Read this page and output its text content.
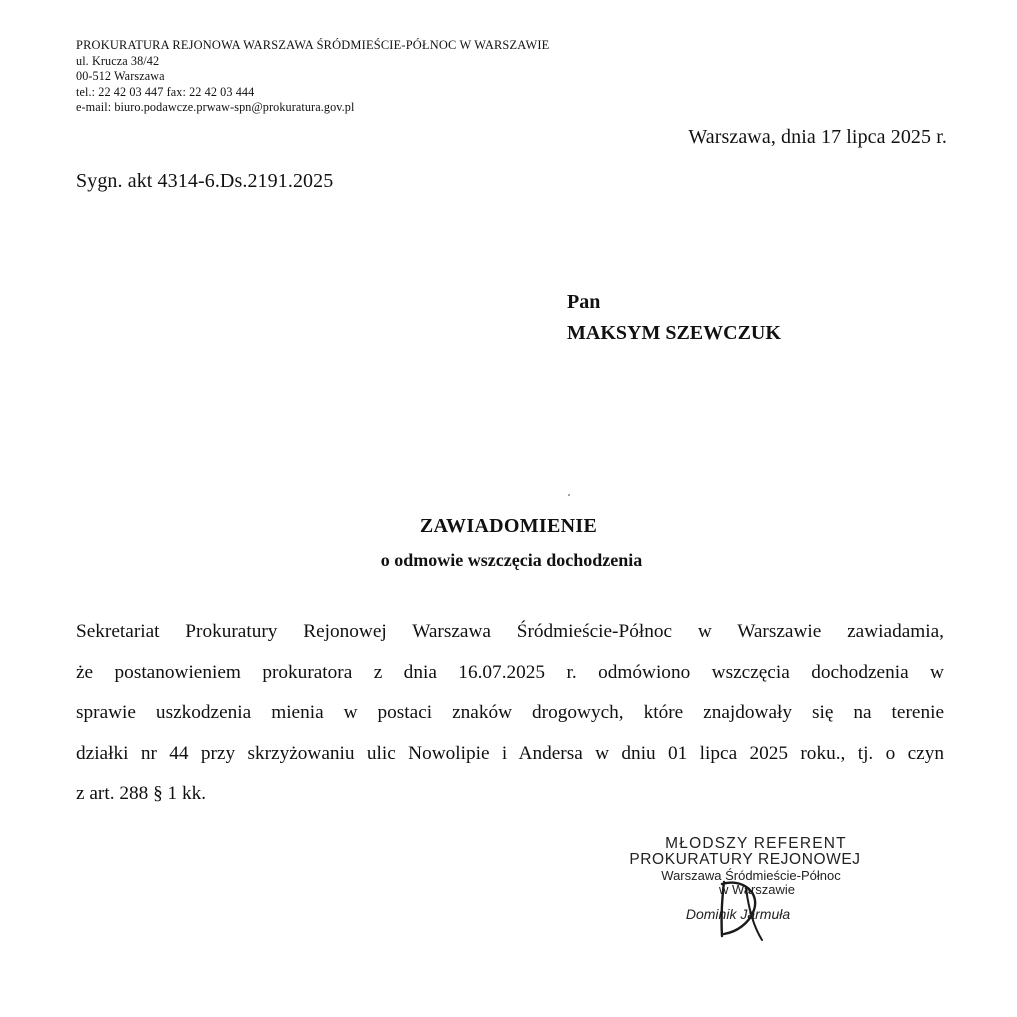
PROKURATURA REJONOWA WARSZAWA ŚRÓDMIEŚCIE-PÓŁNOC W WARSZAWIE
ul. Krucza 38/42
00-512 Warszawa
tel.: 22 42 03 447 fax: 22 42 03 444
e-mail: biuro.podawcze.prwaw-spn@prokuratura.gov.pl
Warszawa, dnia 17 lipca 2025 r.
Sygn. akt 4314-6.Ds.2191.2025
Pan
MAKSYM SZEWCZUK
ZAWIADOMIENIE
o odmowie wszczęcia dochodzenia
Sekretariat Prokuratury Rejonowej Warszawa Śródmieście-Północ w Warszawie zawiadamia,
że postanowieniem prokuratora z dnia 16.07.2025 r. odmówiono wszczęcia dochodzenia w
sprawie uszkodzenia mienia w postaci znaków drogowych, które znajdowały się na terenie
działki nr 44 przy skrzyżowaniu ulic Nowolipie i Andersa w dniu 01 lipca 2025 roku., tj. o czyn
z art. 288 § 1 kk.
MŁODSZY REFERENT
PROKURATURY REJONOWEJ
Warszawa Śródmieście-Północ
w Warszawie
Dominik Jarmuła
